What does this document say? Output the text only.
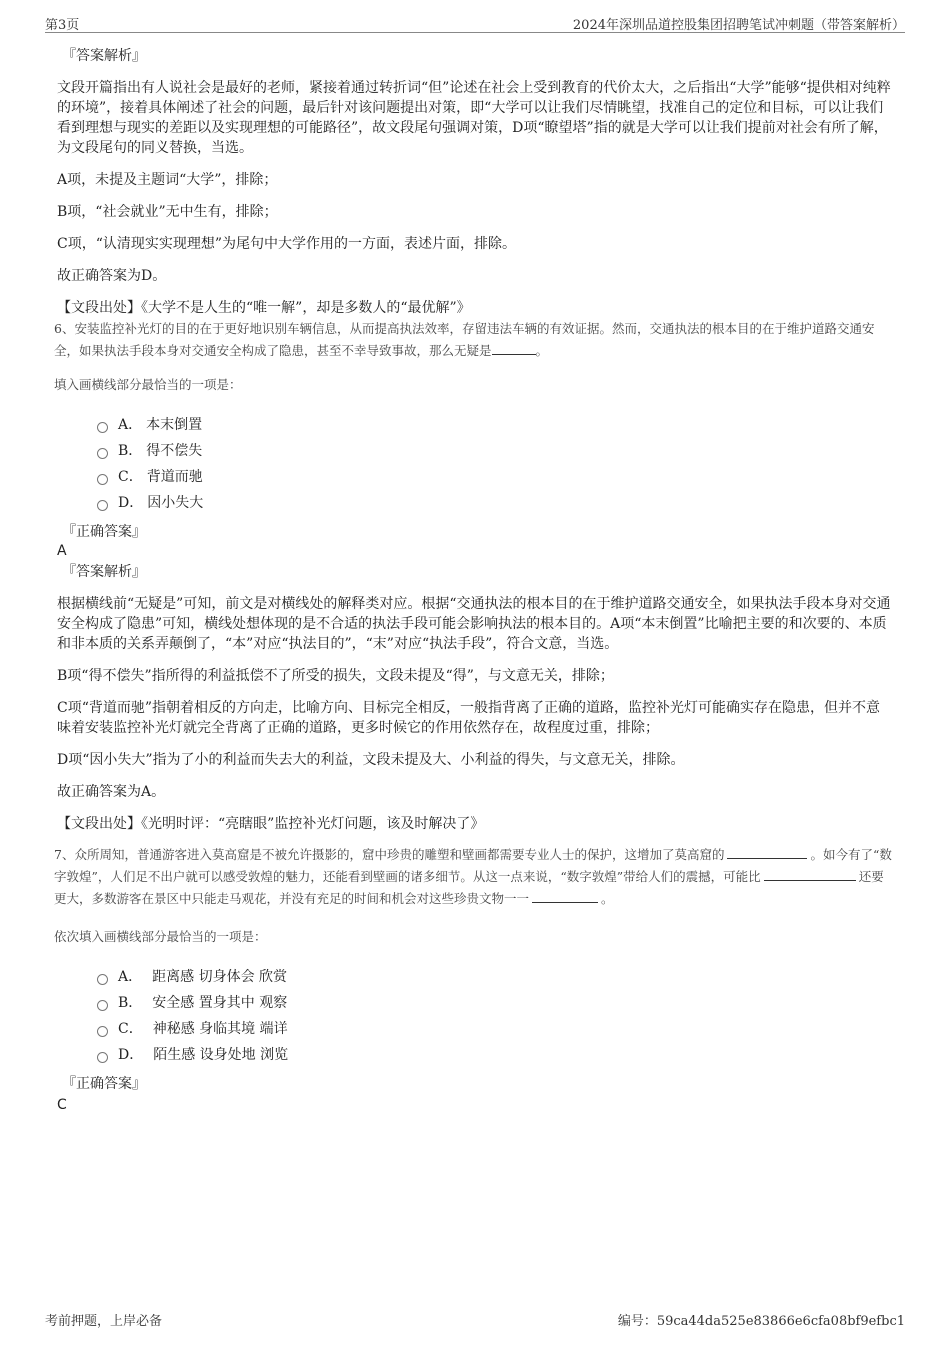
第3页	2024年深圳品道控股集团招聘笔试冲刺题（带答案解析）

『答案解析』

文段开篇指出有人说社会是最好的老师，紧接着通过转折词“但”论述在社会上受到教育的代价太大，之后指出“大学”能够“提供相对纯粹的环境”，接着具体阐述了社会的问题，最后针对该问题提出对策，即“大学可以让我们尽情眺望，找准自己的定位和目标，可以让我们看到理想与现实的差距以及实现理想的可能路径”，故文段尾句强调对策，D项“瞭望塔”指的就是大学可以让我们提前对社会有所了解，为文段尾句的同义替换，当选。

A项，未提及主题词“大学”，排除；

B项，“社会就业”无中生有，排除；

C项，“认清现实实现理想”为尾句中大学作用的一方面，表述片面，排除。

故正确答案为D。

【文段出处】《大学不是人生的“唯一解”，却是多数人的“最优解”》

6、安装监控补光灯的目的在于更好地识别车辆信息，从而提高执法效率，存留违法车辆的有效证据。然而，交通执法的根本目的在于维护道路交通安全，如果执法手段本身对交通安全构成了隐患，甚至不幸导致事故，那么无疑是	。

填入画横线部分最恰当的一项是：

A． 本末倒置
B． 得不偿失
C． 背道而驰
D． 因小失大

『正确答案』

A

『答案解析』

根据横线前“无疑是”可知，前文是对横线处的解释类对应。根据“交通执法的根本目的在于维护道路交通安全，如果执法手段本身对交通安全构成了隐患”可知，横线处想体现的是不合适的执法手段可能会影响执法的根本目的。A项“本末倒置”比喻把主要的和次要的、本质和非本质的关系弄颠倒了，“本”对应“执法目的”，“末”对应“执法手段”，符合文意，当选。

B项“得不偿失”指所得的利益抵偿不了所受的损失，文段未提及“得”，与文意无关，排除；

C项“背道而驰”指朝着相反的方向走，比喻方向、目标完全相反，一般指背离了正确的道路，监控补光灯可能确实存在隐患，但并不意味着安装监控补光灯就完全背离了正确的道路，更多时候它的作用依然存在，故程度过重，排除；

D项“因小失大”指为了小的利益而失去大的利益，文段未提及大、小利益的得失，与文意无关，排除。

故正确答案为A。

【文段出处】《光明时评：“亮瞎眼”监控补光灯问题，该及时解决了》

7、众所周知，普通游客进入莫高窟是不被允许摄影的，窟中珍贵的雕塑和壁画都需要专业人士的保护，这增加了莫高窟的	。如今有了“数字敦煌”，人们足不出户就可以感受敦煌的魅力，还能看到壁画的诸多细节。从这一点来说，“数字敦煌”带给人们的震撼，可能比	还要更大，多数游客在景区中只能走马观花，并没有充足的时间和机会对这些珍贵文物一一	。

依次填入画横线部分最恰当的一项是：

A． 距离感 切身体会 欣赏
B． 安全感 置身其中 观察
C． 神秘感 身临其境 端详
D． 陌生感 设身处地 浏览

『正确答案』

C

考前押题，上岸必备	编号：59ca44da525e83866e6cfa08bf9efbc1
